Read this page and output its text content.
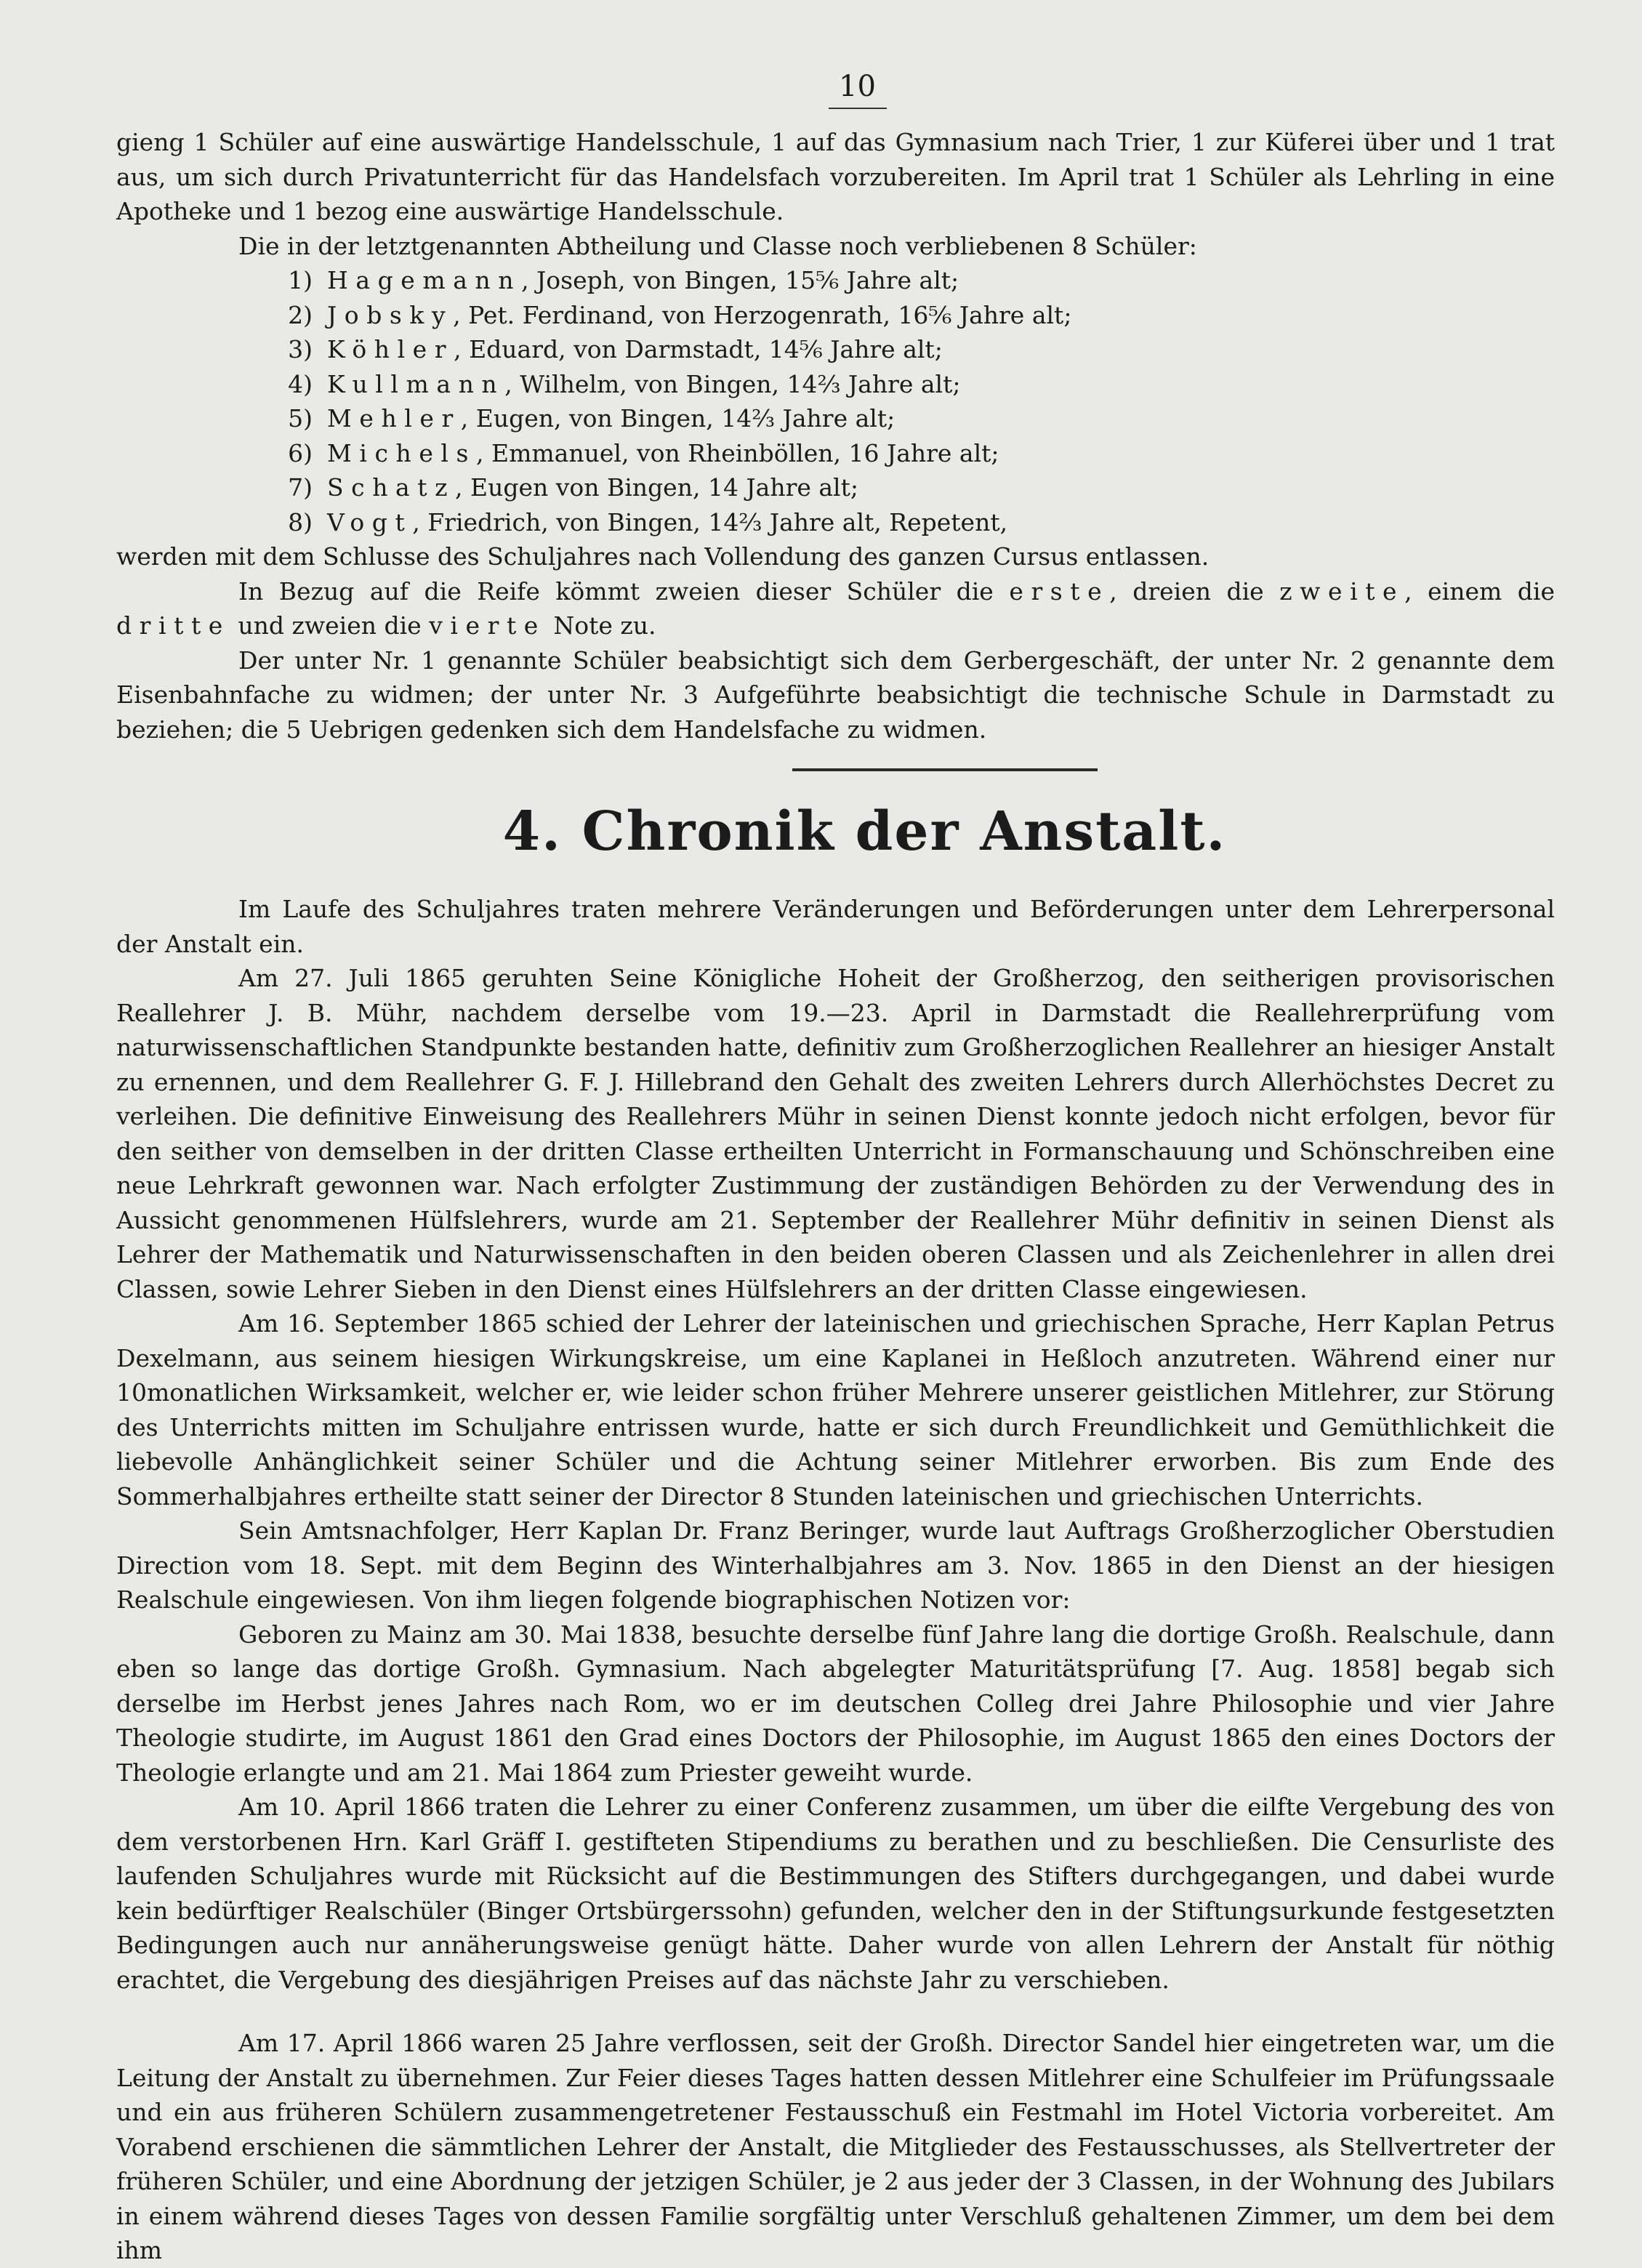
10

gieng 1 Schüler auf eine auswärtige Handelsschule, 1 auf das Gymnasium nach Trier, 1 zur Küferei über und 1 trat aus, um sich durch Privatunterricht für das Handelsfach vorzubereiten. Im April trat 1 Schüler als Lehrling in eine Apotheke und 1 bezog eine auswärtige Handelsschule.

Die in der letztgenannten Abtheilung und Classe noch verbliebenen 8 Schüler:

1) Hagemann, Joseph, von Bingen, 15⁵⁄₆ Jahre alt;
2) Jobsky, Pet. Ferdinand, von Herzogenrath, 16⁵⁄₆ Jahre alt;
3) Köhler, Eduard, von Darmstadt, 14⁵⁄₆ Jahre alt;
4) Kullmann, Wilhelm, von Bingen, 14²⁄₃ Jahre alt;
5) Mehler, Eugen, von Bingen, 14²⁄₃ Jahre alt;
6) Michels, Emmanuel, von Rheinböllen, 16 Jahre alt;
7) Schatz, Eugen von Bingen, 14 Jahre alt;
8) Vogt, Friedrich, von Bingen, 14²⁄₃ Jahre alt, Repetent,

werden mit dem Schlusse des Schuljahres nach Vollendung des ganzen Cursus entlassen.

In Bezug auf die Reife kömmt zweien dieser Schüler die erste, dreien die zweite, einem die dritte und zweien die vierte Note zu.

Der unter Nr. 1 genannte Schüler beabsichtigt sich dem Gerbergeschäft, der unter Nr. 2 genannte dem Eisenbahnfache zu widmen; der unter Nr. 3 Aufgeführte beabsichtigt die technische Schule in Darmstadt zu beziehen; die 5 Uebrigen gedenken sich dem Handelsfache zu widmen.

4. Chronik der Anstalt.

Im Laufe des Schuljahres traten mehrere Veränderungen und Beförderungen unter dem Lehrerpersonal der Anstalt ein.

Am 27. Juli 1865 geruhten Seine Königliche Hoheit der Großherzog, den seitherigen provisorischen Reallehrer J. B. Mühr, nachdem derselbe vom 19.—23. April in Darmstadt die Reallehrerprüfung vom naturwissenschaftlichen Standpunkte bestanden hatte, definitiv zum Großherzoglichen Reallehrer an hiesiger Anstalt zu ernennen, und dem Reallehrer G. F. J. Hillebrand den Gehalt des zweiten Lehrers durch Allerhöchstes Decret zu verleihen. Die definitive Einweisung des Reallehrers Mühr in seinen Dienst konnte jedoch nicht erfolgen, bevor für den seither von demselben in der dritten Classe ertheilten Unterricht in Formanschauung und Schönschreiben eine neue Lehrkraft gewonnen war. Nach erfolgter Zustimmung der zuständigen Behörden zu der Verwendung des in Aussicht genommenen Hülfslehrers, wurde am 21. September der Reallehrer Mühr definitiv in seinen Dienst als Lehrer der Mathematik und Naturwissenschaften in den beiden oberen Classen und als Zeichenlehrer in allen drei Classen, sowie Lehrer Sieben in den Dienst eines Hülfslehrers an der dritten Classe eingewiesen.

Am 16. September 1865 schied der Lehrer der lateinischen und griechischen Sprache, Herr Kaplan Petrus Dexelmann, aus seinem hiesigen Wirkungskreise, um eine Kaplanei in Heßloch anzutreten. Während einer nur 10monatlichen Wirksamkeit, welcher er, wie leider schon früher Mehrere unserer geistlichen Mitlehrer, zur Störung des Unterrichts mitten im Schuljahre entrissen wurde, hatte er sich durch Freundlichkeit und Gemüthlichkeit die liebevolle Anhänglichkeit seiner Schüler und die Achtung seiner Mitlehrer erworben. Bis zum Ende des Sommerhalbjahres ertheilte statt seiner der Director 8 Stunden lateinischen und griechischen Unterrichts.

Sein Amtsnachfolger, Herr Kaplan Dr. Franz Beringer, wurde laut Auftrags Großherzoglicher Oberstudien Direction vom 18. Sept. mit dem Beginn des Winterhalbjahres am 3. Nov. 1865 in den Dienst an der hiesigen Realschule eingewiesen. Von ihm liegen folgende biographischen Notizen vor:

Geboren zu Mainz am 30. Mai 1838, besuchte derselbe fünf Jahre lang die dortige Großh. Realschule, dann eben so lange das dortige Großh. Gymnasium. Nach abgelegter Maturitätsprüfung [7. Aug. 1858] begab sich derselbe im Herbst jenes Jahres nach Rom, wo er im deutschen Colleg drei Jahre Philosophie und vier Jahre Theologie studirte, im August 1861 den Grad eines Doctors der Philosophie, im August 1865 den eines Doctors der Theologie erlangte und am 21. Mai 1864 zum Priester geweiht wurde.

Am 10. April 1866 traten die Lehrer zu einer Conferenz zusammen, um über die eilfte Vergebung des von dem verstorbenen Hrn. Karl Gräff I. gestifteten Stipendiums zu berathen und zu beschließen. Die Censurliste des laufenden Schuljahres wurde mit Rücksicht auf die Bestimmungen des Stifters durchgegangen, und dabei wurde kein bedürftiger Realschüler (Binger Ortsbürgerssohn) gefunden, welcher den in der Stiftungsurkunde festgesetzten Bedingungen auch nur annäherungsweise genügt hätte. Daher wurde von allen Lehrern der Anstalt für nöthig erachtet, die Vergebung des diesjährigen Preises auf das nächste Jahr zu verschieben.

Am 17. April 1866 waren 25 Jahre verflossen, seit der Großh. Director Sandel hier eingetreten war, um die Leitung der Anstalt zu übernehmen. Zur Feier dieses Tages hatten dessen Mitlehrer eine Schulfeier im Prüfungssaale und ein aus früheren Schülern zusammengetretener Festausschuß ein Festmahl im Hotel Victoria vorbereitet. Am Vorabend erschienen die sämmtlichen Lehrer der Anstalt, die Mitglieder des Festausschusses, als Stellvertreter der früheren Schüler, und eine Abordnung der jetzigen Schüler, je 2 aus jeder der 3 Classen, in der Wohnung des Jubilars in einem während dieses Tages von dessen Familie sorgfältig unter Verschluß gehaltenen Zimmer, um dem bei dem ihm
